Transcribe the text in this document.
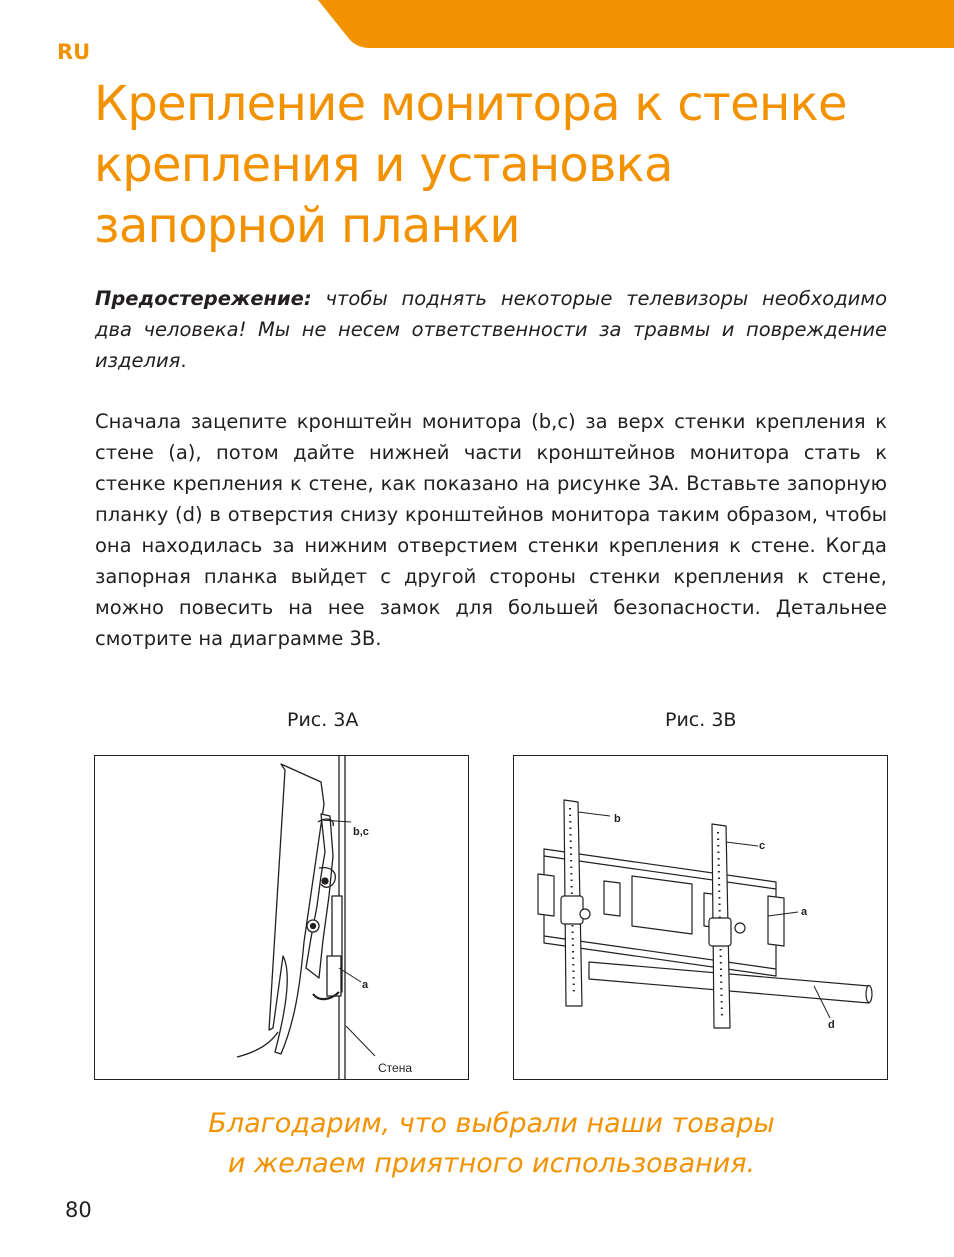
RU
Крепление монитора к стенке
крепления и установка
запорной планки

Предостережение: чтобы поднять некоторые телевизоры необходимо два человека! Мы не несем ответственности за травмы и повреждение изделия.

Сначала зацепите кронштейн монитора (b,c) за верх стенки крепления к стене (a), потом дайте нижней части кронштейнов монитора стать к стенке крепления к стене, как показано на рисунке 3A. Вставьте запорную планку (d) в отверстия снизу кронштейнов монитора таким образом, чтобы она находилась за нижним отверстием стенки крепления к стене. Когда запорная планка выйдет с другой стороны стенки крепления к стене, можно повесить на нее замок для большей безопасности. Детальнее смотрите на диаграмме 3B.

Рис. 3A	Рис. 3B
b,c
a
Стена
b
c
a
d

Благодарим, что выбрали наши товары
и желаем приятного использования.

80
